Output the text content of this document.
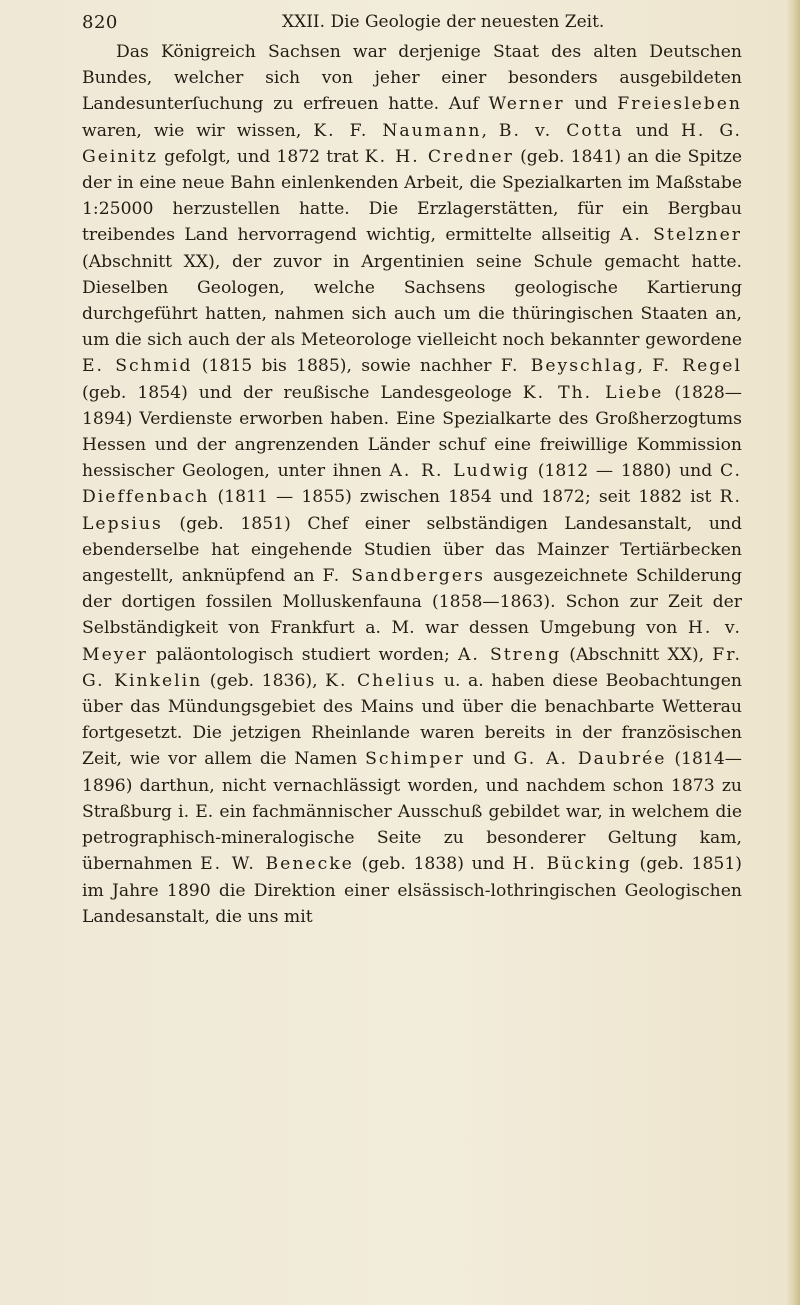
820	XXII. Die Geologie der neuesten Zeit.

Das Königreich Sachsen war derjenige Staat des alten Deutschen Bundes, welcher sich von jeher einer besonders ausgebildeten Landesunterſuchung zu erfreuen hatte. Auf Werner und Freiesleben waren, wie wir wissen, K. F. Naumann, B. v. Cotta und H. G. Geinitz gefolgt, und 1872 trat K. H. Credner (geb. 1841) an die Spitze der in eine neue Bahn einlenkenden Arbeit, die Spezialkarten im Maßstabe 1:25000 herzustellen hatte. Die Erzlagerstätten, für ein Bergbau treibendes Land hervorragend wichtig, ermittelte allseitig A. Stelzner (Abschnitt XX), der zuvor in Argentinien seine Schule gemacht hatte. Dieselben Geologen, welche Sachsens geologische Kartierung durchgeführt hatten, nahmen sich auch um die thüringischen Staaten an, um die sich auch der als Meteorologe vielleicht noch bekannter gewordene E. Schmid (1815 bis 1885), sowie nachher F. Beyschlag, F. Regel (geb. 1854) und der reußische Landesgeologe K. Th. Liebe (1828—1894) Verdienste erworben haben. Eine Spezialkarte des Großherzogtums Hessen und der angrenzenden Länder schuf eine freiwillige Kommission hessischer Geologen, unter ihnen A. R. Ludwig (1812 — 1880) und C. Dieffenbach (1811 — 1855) zwischen 1854 und 1872; seit 1882 ist R. Lepsius (geb. 1851) Chef einer selbständigen Landesanstalt, und ebenderselbe hat eingehende Studien über das Mainzer Tertiärbecken angestellt, anknüpfend an F. Sandbergers ausgezeichnete Schilderung der dortigen fossilen Molluskenfauna (1858—1863). Schon zur Zeit der Selbständigkeit von Frankfurt a. M. war dessen Umgebung von H. v. Meyer paläontologisch studiert worden; A. Streng (Abschnitt XX), Fr. G. Kinkelin (geb. 1836), K. Chelius u. a. haben diese Beobachtungen über das Mündungsgebiet des Mains und über die benachbarte Wetterau fortgesetzt. Die jetzigen Rheinlande waren bereits in der französischen Zeit, wie vor allem die Namen Schimper und G. A. Daubrée (1814—1896) darthun, nicht vernachlässigt worden, und nachdem schon 1873 zu Straßburg i. E. ein fachmännischer Ausschuß gebildet war, in welchem die petrographisch-mineralogische Seite zu besonderer Geltung kam, übernahmen E. W. Benecke (geb. 1838) und H. Bücking (geb. 1851) im Jahre 1890 die Direktion einer elsässisch-lothringischen Geologischen Landesanstalt, die uns mit
